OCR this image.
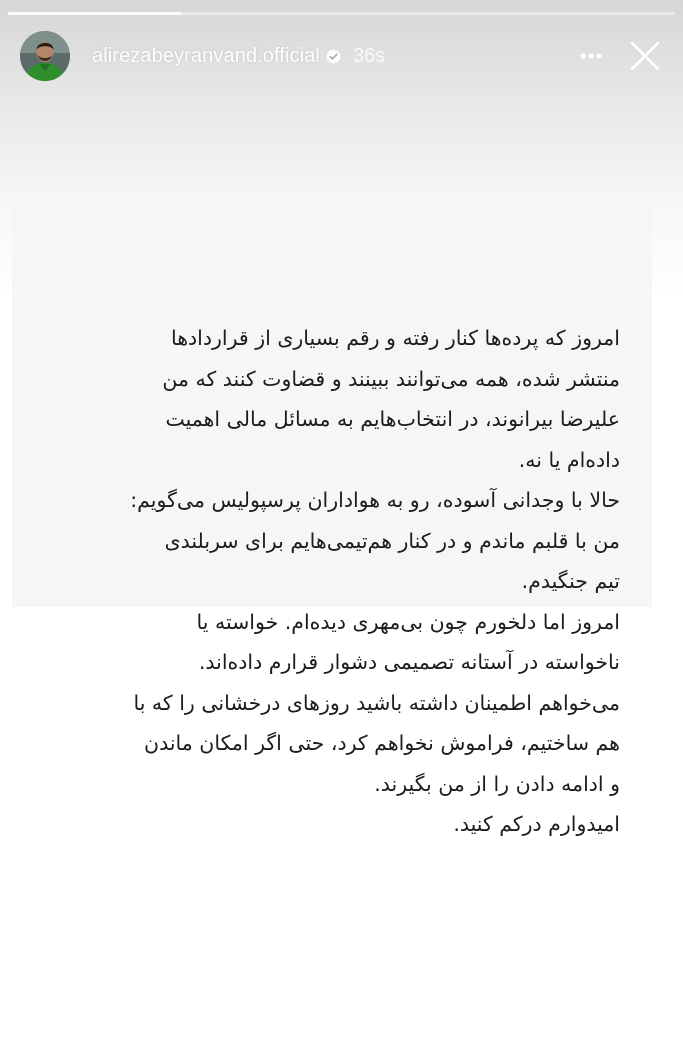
alirezabeyranvand.official 36s
امروز که پرده‌ها کنار رفته و رقم بسیاری از قراردادها
منتشر شده، همه می‌توانند ببینند و قضاوت کنند که من
علیرضا بیرانوند، در انتخاب‌هایم به مسائل مالی اهمیت
داده‌ام یا نه.
حالا با وجدانی آسوده، رو به هواداران پرسپولیس می‌گویم:
من با قلبم ماندم و در کنار هم‌تیمی‌هایم برای سربلندی
تیم جنگیدم.
امروز اما دلخورم چون بی‌مهری دیده‌ام. خواسته یا
ناخواسته در آستانه تصمیمی دشوار قرارم داده‌اند.
می‌خواهم اطمینان داشته باشید روزهای درخشانی را که با
هم ساختیم، فراموش نخواهم کرد، حتی اگر امکان ماندن
و ادامه دادن را از من بگیرند.
امیدوارم درکم کنید.
